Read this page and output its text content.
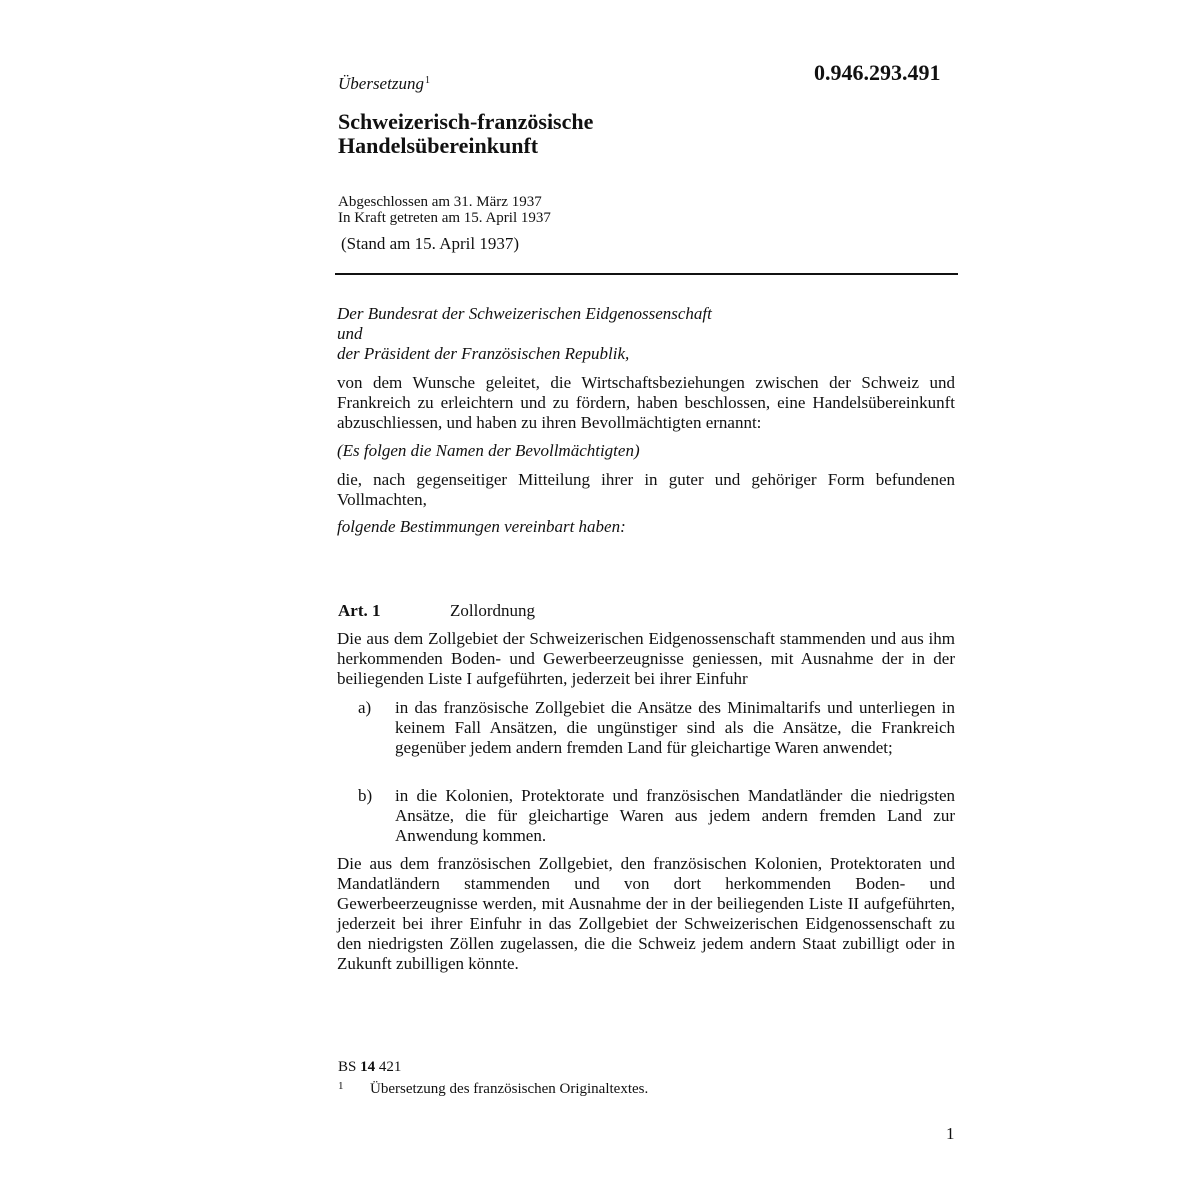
0.946.293.491
Übersetzung$^1$
Schweizerisch-französische
Handelsübereinkunft
Abgeschlossen am 31. März 1937
In Kraft getreten am 15. April 1937
(Stand am 15. April 1937)

Der Bundesrat der Schweizerischen Eidgenossenschaft

und

der Präsident der Französischen Republik,

von dem Wunsche geleitet, die Wirtschaftsbeziehungen zwischen der Schweiz und Frankreich zu erleichtern und zu fördern, haben beschlossen, eine Handelsübereinkunft abzuschliessen, und haben zu ihren Bevollmächtigten ernannt:

(Es folgen die Namen der Bevollmächtigten)

die, nach gegenseitiger Mitteilung ihrer in guter und gehöriger Form befundenen Vollmachten,

folgende Bestimmungen vereinbart haben:

Art. 1	Zollordnung

Die aus dem Zollgebiet der Schweizerischen Eidgenossenschaft stammenden und aus ihm herkommenden Boden- und Gewerbeerzeugnisse geniessen, mit Ausnahme der in der beiliegenden Liste I aufgeführten, jederzeit bei ihrer Einfuhr

a) in das französische Zollgebiet die Ansätze des Minimaltarifs und unterliegen in keinem Fall Ansätzen, die ungünstiger sind als die Ansätze, die Frankreich gegenüber jedem andern fremden Land für gleichartige Waren anwendet;
b) in die Kolonien, Protektorate und französischen Mandatländer die niedrigsten Ansätze, die für gleichartige Waren aus jedem andern fremden Land zur Anwendung kommen.

Die aus dem französischen Zollgebiet, den französischen Kolonien, Protektoraten und Mandatländern stammenden und von dort herkommenden Boden- und Gewerbeerzeugnisse werden, mit Ausnahme der in der beiliegenden Liste II aufgeführten, jederzeit bei ihrer Einfuhr in das Zollgebiet der Schweizerischen Eidgenossenschaft zu den niedrigsten Zöllen zugelassen, die die Schweiz jedem andern Staat zubilligt oder in Zukunft zubilligen könnte.

BS 14 421
1 Übersetzung des französischen Originaltextes.
1
